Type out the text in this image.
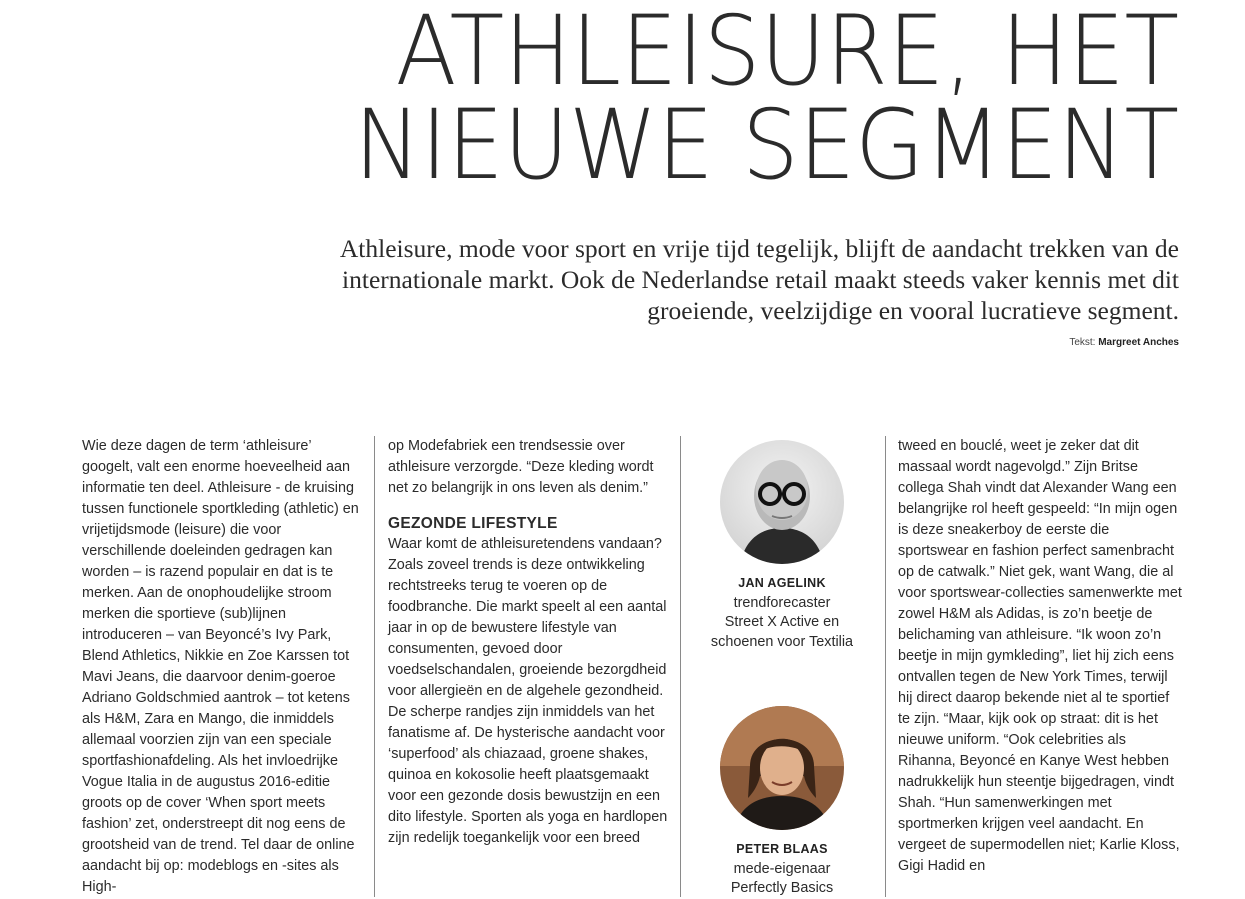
ATHLEISURE, HET
NIEUWE SEGMENT

Athleisure, mode voor sport en vrije tijd tegelijk, blijft de aandacht trekken van de internationale markt. Ook de Nederlandse retail maakt steeds vaker kennis met dit groeiende, veelzijdige en vooral lucratieve segment.

Tekst: Margreet Anches

Wie deze dagen de term ‘athleisure’ googelt, valt een enorme hoeveelheid aan informatie ten deel. Athleisure - de kruising tussen functionele sportkleding (athletic) en vrijetijdsmode (leisure) die voor verschillende doeleinden gedragen kan worden – is razend populair en dat is te merken. Aan de onophoudelijke stroom merken die sportieve (sub)lijnen introduceren – van Beyoncé’s Ivy Park, Blend Athletics, Nikkie en Zoe Karssen tot Mavi Jeans, die daarvoor denim-goeroe Adriano Goldschmied aantrok – tot ketens als H&M, Zara en Mango, die inmiddels allemaal voorzien zijn van een speciale sportfashionafdeling. Als het invloedrijke Vogue Italia in de augustus 2016-editie groots op de cover ‘When sport meets fashion’ zet, onderstreept dit nog eens de grootsheid van de trend. Tel daar de online aandacht bij op: modeblogs en -sites als High-

op Modefabriek een trendsessie over athleisure verzorgde. “Deze kleding wordt net zo belangrijk in ons leven als denim.”

GEZONDE LIFESTYLE

Waar komt de athleisuretendens vandaan? Zoals zoveel trends is deze ontwikkeling rechtstreeks terug te voeren op de foodbranche. Die markt speelt al een aantal jaar in op de bewustere lifestyle van consumenten, gevoed door voedselschandalen, groeiende bezorgdheid voor allergieën en de algehele gezondheid. De scherpe randjes zijn inmiddels van het fanatisme af. De hysterische aandacht voor ‘superfood’ als chiazaad, groene shakes, quinoa en kokosolie heeft plaatsgemaakt voor een gezonde dosis bewustzijn en een dito lifestyle. Sporten als yoga en hardlopen zijn redelijk toegankelijk voor een breed

JAN AGELINK
trendforecaster
Street X Active en
schoenen voor Textilia
PETER BLAAS
mede-eigenaar
Perfectly Basics

tweed en bouclé, weet je zeker dat dit massaal wordt nagevolgd.” Zijn Britse collega Shah vindt dat Alexander Wang een belangrijke rol heeft gespeeld: “In mijn ogen is deze sneakerboy de eerste die sportswear en fashion perfect samenbracht op de catwalk.” Niet gek, want Wang, die al voor sportswear-collecties samenwerkte met zowel H&M als Adidas, is zo’n beetje de belichaming van athleisure. “Ik woon zo’n beetje in mijn gymkleding”, liet hij zich eens ontvallen tegen de New York Times, terwijl hij direct daarop bekende niet al te sportief te zijn. “Maar, kijk ook op straat: dit is het nieuwe uniform. “Ook celebrities als Rihanna, Beyoncé en Kanye West hebben nadrukkelijk hun steentje bijgedragen, vindt Shah. “Hun samenwerkingen met sportmerken krijgen veel aandacht. En vergeet de supermodellen niet; Karlie Kloss, Gigi Hadid en
